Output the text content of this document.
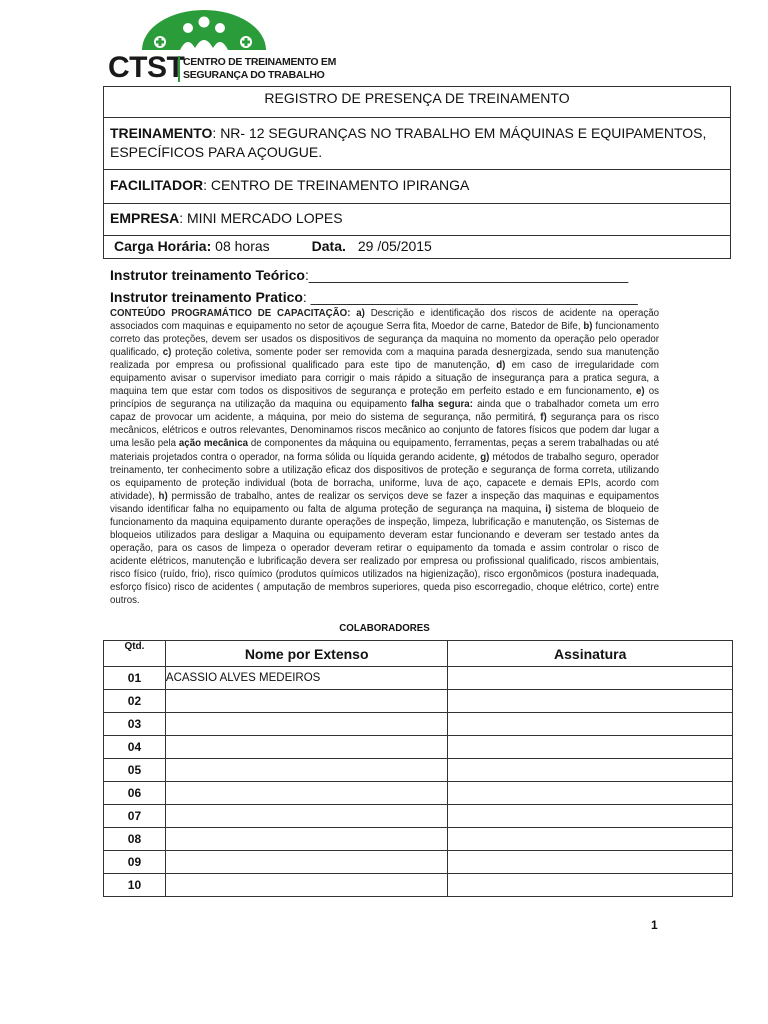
CTST
CENTRO DE TREINAMENTO EM
SEGURANÇA DO TRABALHO
REGISTRO DE PRESENÇA DE TREINAMENTO
TREINAMENTO: NR- 12 SEGURANÇAS NO TRABALHO EM MÁQUINAS E EQUIPAMENTOS, ESPECÍFICOS PARA AÇOUGUE.
FACILITADOR: CENTRO DE TREINAMENTO IPIRANGA
EMPRESA: MINI MERCADO LOPES
Carga Horária: 08 horas	Data. 29 /05/2015
Instrutor treinamento Teórico:_________________________________________
Instrutor treinamento Pratico: __________________________________________
CONTEÚDO PROGRAMÁTICO DE CAPACITAÇÃO: a) Descrição e identificação dos riscos de acidente na operação associados com maquinas e equipamento no setor de açougue Serra fita, Moedor de carne, Batedor de Bife, b) funcionamento correto das proteções, devem ser usados os dispositivos de segurança da maquina no momento da operação pelo operador qualificado, c) proteção coletiva, somente poder ser removida com a maquina parada desnergizada, sendo sua manutenção realizada por empresa ou profissional qualificado para este tipo de manutenção, d) em caso de irregularidade com equipamento avisar o supervisor imediato para corrigir o mais rápido a situação de insegurança para a pratica segura, a maquina tem que estar com todos os dispositivos de segurança e proteção em perfeito estado e em funcionamento, e) os princípios de segurança na utilização da maquina ou equipamento falha segura: ainda que o trabalhador cometa um erro capaz de provocar um acidente, a máquina, por meio do sistema de segurança, não permitirá, f) segurança para os risco mecânicos, elétricos e outros relevantes, Denominamos riscos mecânico ao conjunto de fatores físicos que podem dar lugar a uma lesão pela ação mecânica de componentes da máquina ou equipamento, ferramentas, peças a serem trabalhadas ou até materiais projetados contra o operador, na forma sólida ou líquida gerando acidente, g) métodos de trabalho seguro, operador treinamento, ter conhecimento sobre a utilização eficaz dos dispositivos de proteção e segurança de forma correta, utilizando os equipamento de proteção individual (bota de borracha, uniforme, luva de aço, capacete e demais EPIs, acordo com atividade), h) permissão de trabalho, antes de realizar os serviços deve se fazer a inspeção das maquinas e equipamentos visando identificar falha no equipamento ou falta de alguma proteção de segurança na maquina, i) sistema de bloqueio de funcionamento da maquina equipamento durante operações de inspeção, limpeza, lubrificação e manutenção, os Sistemas de bloqueios utilizados para desligar a Maquina ou equipamento deveram estar funcionando e deveram ser testado antes da operação, para os casos de limpeza o operador deveram retirar o equipamento da tomada e assim controlar o risco de acidente elétricos, manutenção e lubrificação devera ser realizado por empresa ou profissional qualificado, riscos ambientais, risco físico (ruído, frio), risco químico (produtos químicos utilizados na higienização), risco ergonômicos (postura inadequada, esforço físico) risco de acidentes ( amputação de membros superiores, queda piso escorregadio, choque elétrico, corte) entre outros.
COLABORADORES
Qtd.	Nome por Extenso	Assinatura
01	ACASSIO ALVES MEDEIROS	
02		
03		
04		
05		
06		
07		
08		
09		
10		
1
